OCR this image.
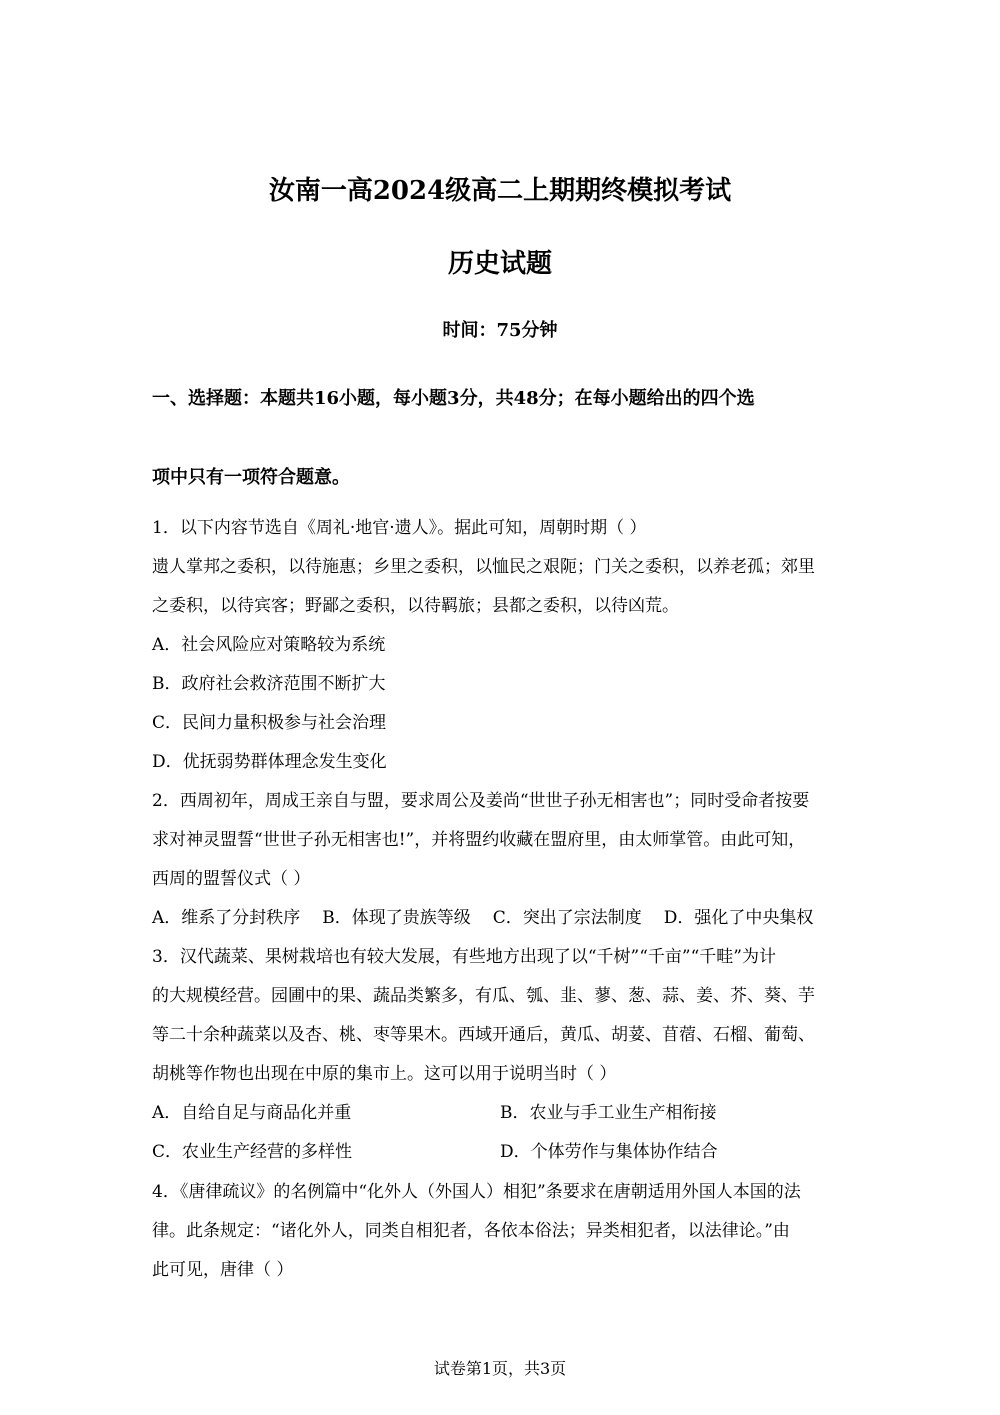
汝南一高2024级高二上期期终模拟考试
历史试题
时间：75分钟
一、选择题：本题共16小题，每小题3分，共48分；在每小题给出的四个选
项中只有一项符合题意。
1．以下内容节选自《周礼·地官·遗人》。据此可知，周朝时期（ ）
遗人掌邦之委积，以待施惠；乡里之委积，以恤民之艰阨；门关之委积，以养老孤；郊里
之委积，以待宾客；野鄙之委积，以待羁旅；县都之委积，以待凶荒。
A．社会风险应对策略较为系统
B．政府社会救济范围不断扩大
C．民间力量积极参与社会治理
D．优抚弱势群体理念发生变化
2．西周初年，周成王亲自与盟，要求周公及姜尚“世世子孙无相害也”；同时受命者按要
求对神灵盟誓“世世子孙无相害也!”，并将盟约收藏在盟府里，由太师掌管。由此可知，
西周的盟誓仪式（ ）
A．维系了分封秩序 B．体现了贵族等级 C．突出了宗法制度 D．强化了中央集权
3．汉代蔬菜、果树栽培也有较大发展，有些地方出现了以“千树”“千亩”“千畦”为计
的大规模经营。园圃中的果、蔬品类繁多，有瓜、瓠、韭、蓼、葱、蒜、姜、芥、葵、芋
等二十余种蔬菜以及杏、桃、枣等果木。西域开通后，黄瓜、胡荽、苜蓿、石榴、葡萄、
胡桃等作物也出现在中原的集市上。这可以用于说明当时（ ）
A．自给自足与商品化并重	B．农业与手工业生产相衔接
C．农业生产经营的多样性	D．个体劳作与集体协作结合
4．《唐律疏议》的名例篇中“化外人（外国人）相犯”条要求在唐朝适用外国人本国的法
律。此条规定：“诸化外人，同类自相犯者，各依本俗法；异类相犯者，以法律论。”由
此可见，唐律（ ）
试卷第1页，共3页
